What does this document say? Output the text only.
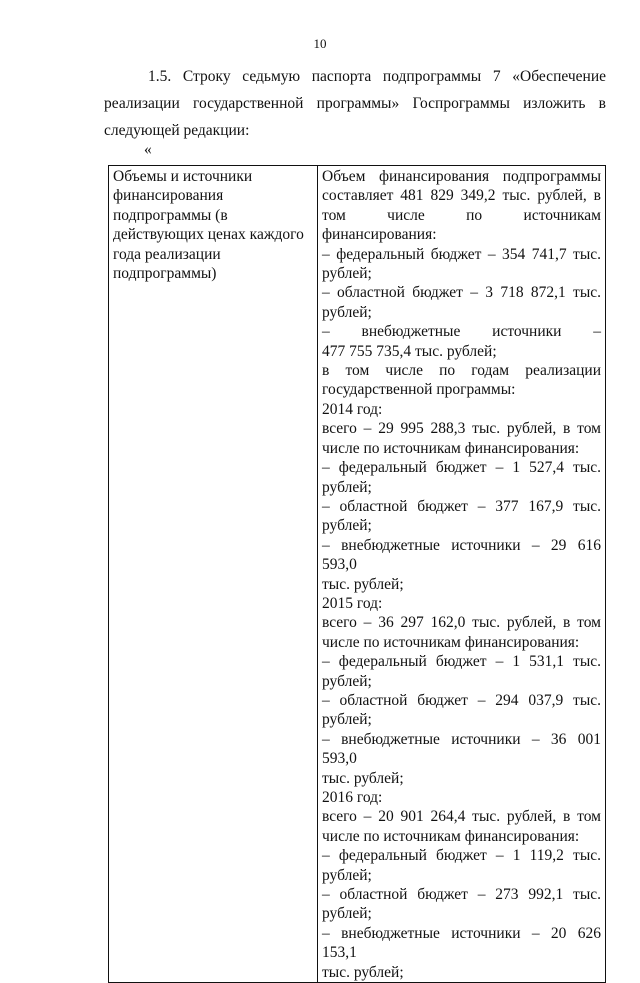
10
1.5. Строку седьмую паспорта подпрограммы 7 «Обеспечение
реализации государственной программы» Госпрограммы изложить в
следующей редакции:
«
Объемы и источники
финансирования
подпрограммы (в
действующих ценах каждого
года реализации
подпрограммы)

Объем финансирования подпрограммы
составляет 481 829 349,2 тыс. рублей, в
том числе по источникам
финансирования:
– федеральный бюджет – 354 741,7 тыс.
рублей;
– областной бюджет – 3 718 872,1 тыс.
рублей;
– внебюджетные источники –
477 755 735,4 тыс. рублей;
в том числе по годам реализации
государственной программы:
2014 год:
всего – 29 995 288,3 тыс. рублей, в том
числе по источникам финансирования:
– федеральный бюджет – 1 527,4 тыс.
рублей;
– областной бюджет – 377 167,9 тыс.
рублей;
– внебюджетные источники – 29 616 593,0
тыс. рублей;
2015 год:
всего – 36 297 162,0 тыс. рублей, в том
числе по источникам финансирования:
– федеральный бюджет – 1 531,1 тыс.
рублей;
– областной бюджет – 294 037,9 тыс.
рублей;
– внебюджетные источники – 36 001 593,0
тыс. рублей;
2016 год:
всего – 20 901 264,4 тыс. рублей, в том
числе по источникам финансирования:
– федеральный бюджет – 1 119,2 тыс.
рублей;
– областной бюджет – 273 992,1 тыс.
рублей;
– внебюджетные источники – 20 626 153,1
тыс. рублей;
